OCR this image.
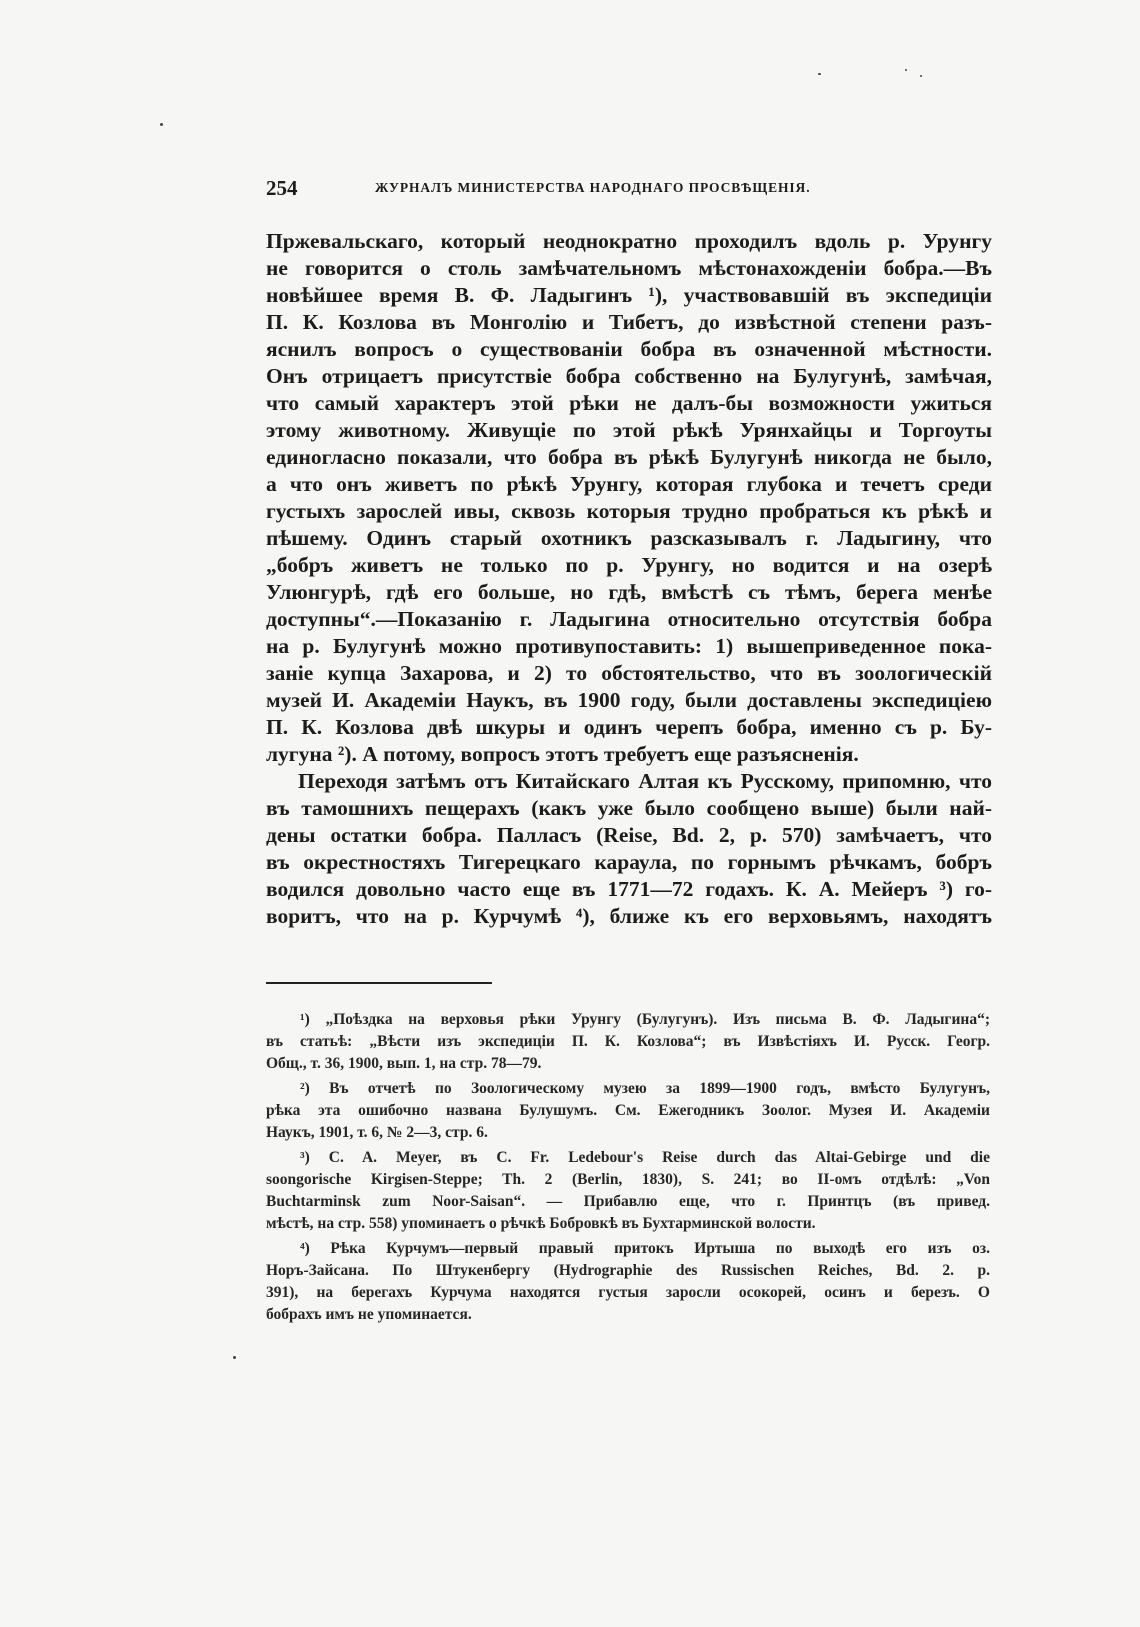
254	ЖУРНАЛЪ МИНИСТЕРСТВА НАРОДНАГО ПРОСВѢЩЕНІЯ.
Пржевальскаго, который неоднократно проходилъ вдоль р. Урунгу
не говорится о столь замѣчательномъ мѣстонахожденіи бобра.—Въ
новѣйшее время В. Ф. Ладыгинъ ¹), участвовавшій въ экспедиціи
П. К. Козлова въ Монголію и Тибетъ, до извѣстной степени разъ-
яснилъ вопросъ о существованіи бобра въ означенной мѣстности.
Онъ отрицаетъ присутствіе бобра собственно на Булугунѣ, замѣчая,
что самый характеръ этой рѣки не далъ-бы возможности ужиться
этому животному. Живущіе по этой рѣкѣ Урянхайцы и Торгоуты
единогласно показали, что бобра въ рѣкѣ Булугунѣ никогда не было,
а что онъ живетъ по рѣкѣ Урунгу, которая глубока и течетъ среди
густыхъ зарослей ивы, сквозь которыя трудно пробраться къ рѣкѣ и
пѣшему. Одинъ старый охотникъ разсказывалъ г. Ладыгину, что
„бобръ живетъ не только по р. Урунгу, но водится и на озерѣ
Улюнгурѣ, гдѣ его больше, но гдѣ, вмѣстѣ съ тѣмъ, берега менѣе
доступны“.—Показанію г. Ладыгина относительно отсутствія бобра
на р. Булугунѣ можно противупоставить: 1) вышеприведенное пока-
заніе купца Захарова, и 2) то обстоятельство, что въ зоологическій
музей И. Академіи Наукъ, въ 1900 году, были доставлены экспедиціею
П. К. Козлова двѣ шкуры и одинъ черепъ бобра, именно съ р. Бу-
лугуна ²). А потому, вопросъ этотъ требуетъ еще разъясненія.
Переходя затѣмъ отъ Китайскаго Алтая къ Русскому, припомню, что
въ тамошнихъ пещерахъ (какъ уже было сообщено выше) были най-
дены остатки бобра. Палласъ (Reise, Bd. 2, p. 570) замѣчаетъ, что
въ окрестностяхъ Тигерецкаго караула, по горнымъ рѣчкамъ, бобръ
водился довольно часто еще въ 1771—72 годахъ. К. А. Мейеръ ³) го-
воритъ, что на р. Курчумѣ ⁴), ближе къ его верховьямъ, находятъ
¹) „Поѣздка на верховья рѣки Урунгу (Булугунъ). Изъ письма В. Ф. Ладыгина“;
въ статьѣ: „Вѣсти изъ экспедиціи П. К. Козлова“; въ Извѣстіяхъ И. Русск. Геогр.
Общ., т. 36, 1900, вып. 1, на стр. 78—79.
²) Въ отчетѣ по Зоологическому музею за 1899—1900 годъ, вмѣсто Булугунъ,
рѣка эта ошибочно названа Булушумъ. См. Ежегодникъ Зоолог. Музея И. Академіи
Наукъ, 1901, т. 6, № 2—3, стр. 6.
³) C. A. Meyer, въ C. Fr. Ledebour's Reise durch das Altai-Gebirge und die
soongorische Kirgisen-Steppe; Th. 2 (Berlin, 1830), S. 241; во II-омъ отдѣлѣ: „Von
Buchtarminsk zum Noor-Saisan“. — Прибавлю еще, что г. Принтцъ (въ привед.
мѣстѣ, на стр. 558) упоминаетъ о рѣчкѣ Бобровкѣ въ Бухтарминской волости.
⁴) Рѣка Курчумъ—первый правый притокъ Иртыша по выходѣ его изъ оз.
Норъ-Зайсана. По Штукенбергу (Hydrographie des Russischen Reiches, Bd. 2. p.
391), на берегахъ Курчума находятся густыя заросли осокорей, осинъ и березъ. О
бобрахъ имъ не упоминается.
